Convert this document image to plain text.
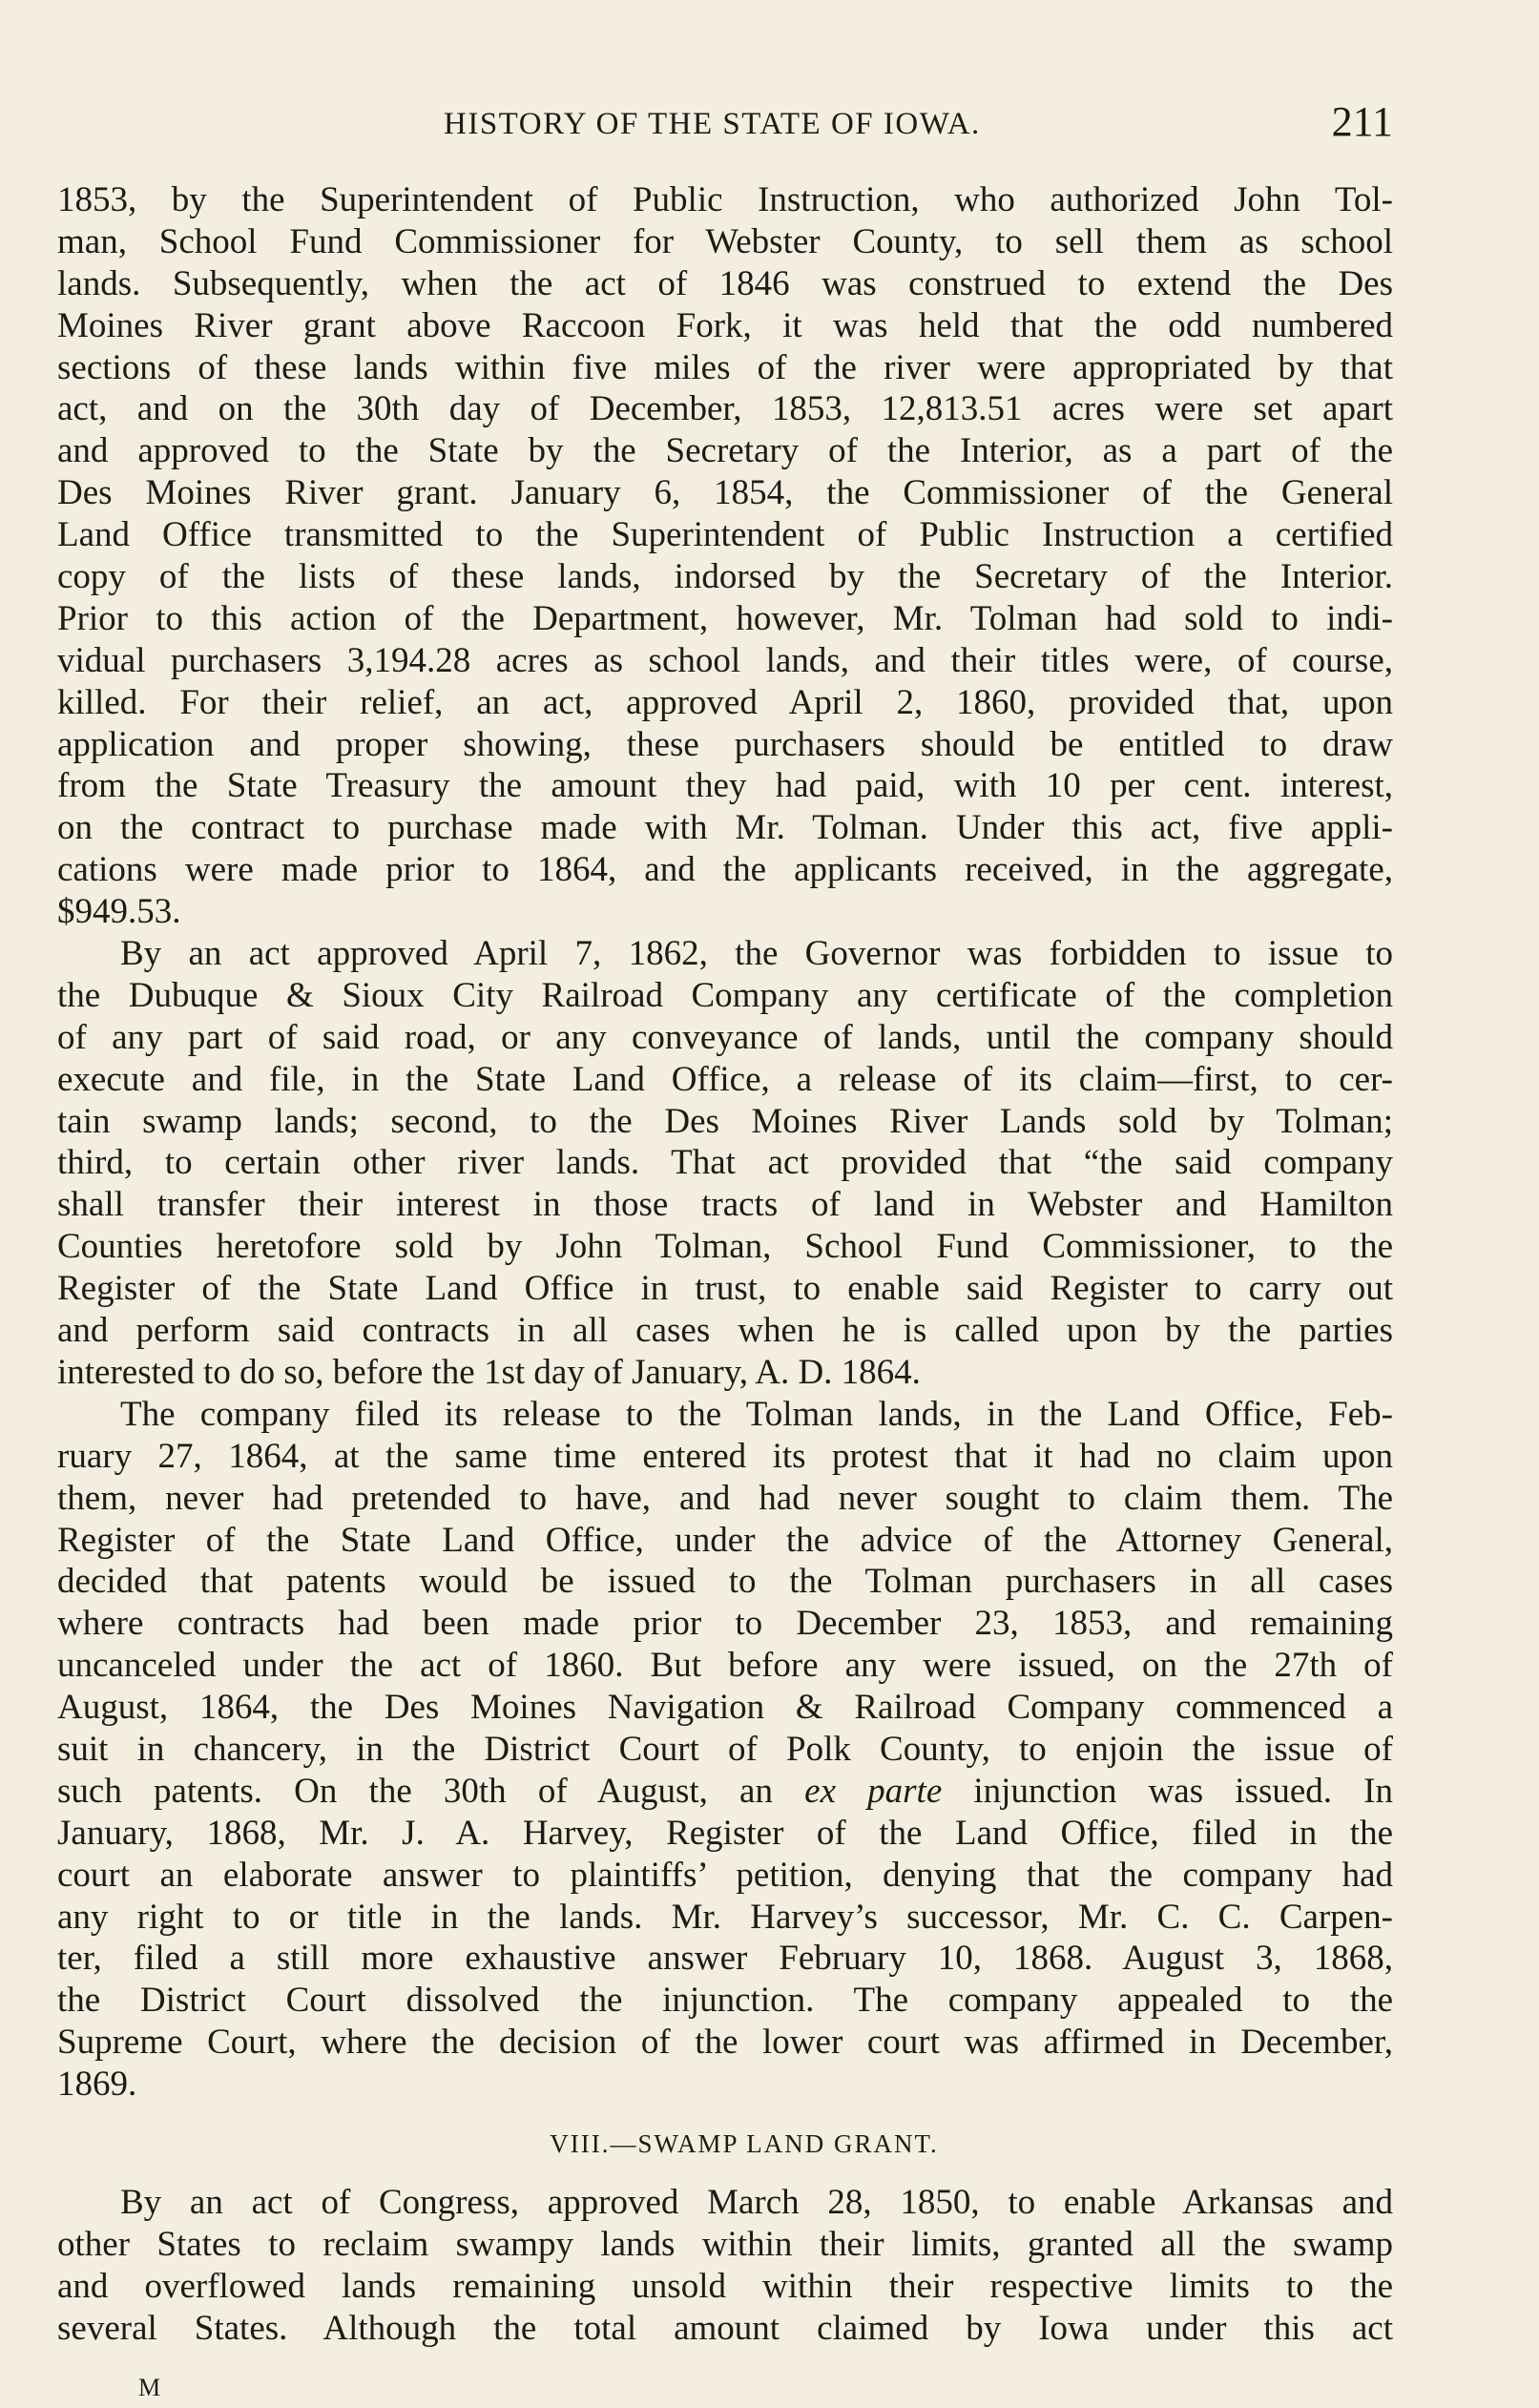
HISTORY OF THE STATE OF IOWA.	211
1853, by the Superintendent of Public Instruction, who authorized John Tol-
man, School Fund Commissioner for Webster County, to sell them as school
lands. Subsequently, when the act of 1846 was construed to extend the Des
Moines River grant above Raccoon Fork, it was held that the odd numbered
sections of these lands within five miles of the river were appropriated by that
act, and on the 30th day of December, 1853, 12,813.51 acres were set apart
and approved to the State by the Secretary of the Interior, as a part of the
Des Moines River grant. January 6, 1854, the Commissioner of the General
Land Office transmitted to the Superintendent of Public Instruction a certified
copy of the lists of these lands, indorsed by the Secretary of the Interior.
Prior to this action of the Department, however, Mr. Tolman had sold to indi-
vidual purchasers 3,194.28 acres as school lands, and their titles were, of course,
killed. For their relief, an act, approved April 2, 1860, provided that, upon
application and proper showing, these purchasers should be entitled to draw
from the State Treasury the amount they had paid, with 10 per cent. interest,
on the contract to purchase made with Mr. Tolman. Under this act, five appli-
cations were made prior to 1864, and the applicants received, in the aggregate,
$949.53.
By an act approved April 7, 1862, the Governor was forbidden to issue to
the Dubuque & Sioux City Railroad Company any certificate of the completion
of any part of said road, or any conveyance of lands, until the company should
execute and file, in the State Land Office, a release of its claim—first, to cer-
tain swamp lands; second, to the Des Moines River Lands sold by Tolman;
third, to certain other river lands. That act provided that “the said company
shall transfer their interest in those tracts of land in Webster and Hamilton
Counties heretofore sold by John Tolman, School Fund Commissioner, to the
Register of the State Land Office in trust, to enable said Register to carry out
and perform said contracts in all cases when he is called upon by the parties
interested to do so, before the 1st day of January, A. D. 1864.
The company filed its release to the Tolman lands, in the Land Office, Feb-
ruary 27, 1864, at the same time entered its protest that it had no claim upon
them, never had pretended to have, and had never sought to claim them. The
Register of the State Land Office, under the advice of the Attorney General,
decided that patents would be issued to the Tolman purchasers in all cases
where contracts had been made prior to December 23, 1853, and remaining
uncanceled under the act of 1860. But before any were issued, on the 27th of
August, 1864, the Des Moines Navigation & Railroad Company commenced a
suit in chancery, in the District Court of Polk County, to enjoin the issue of
such patents. On the 30th of August, an ex parte injunction was issued. In
January, 1868, Mr. J. A. Harvey, Register of the Land Office, filed in the
court an elaborate answer to plaintiffs’ petition, denying that the company had
any right to or title in the lands. Mr. Harvey’s successor, Mr. C. C. Carpen-
ter, filed a still more exhaustive answer February 10, 1868. August 3, 1868,
the District Court dissolved the injunction. The company appealed to the
Supreme Court, where the decision of the lower court was affirmed in December,
1869.
VIII.—SWAMP LAND GRANT.
By an act of Congress, approved March 28, 1850, to enable Arkansas and
other States to reclaim swampy lands within their limits, granted all the swamp
and overflowed lands remaining unsold within their respective limits to the
several States. Although the total amount claimed by Iowa under this act
M
